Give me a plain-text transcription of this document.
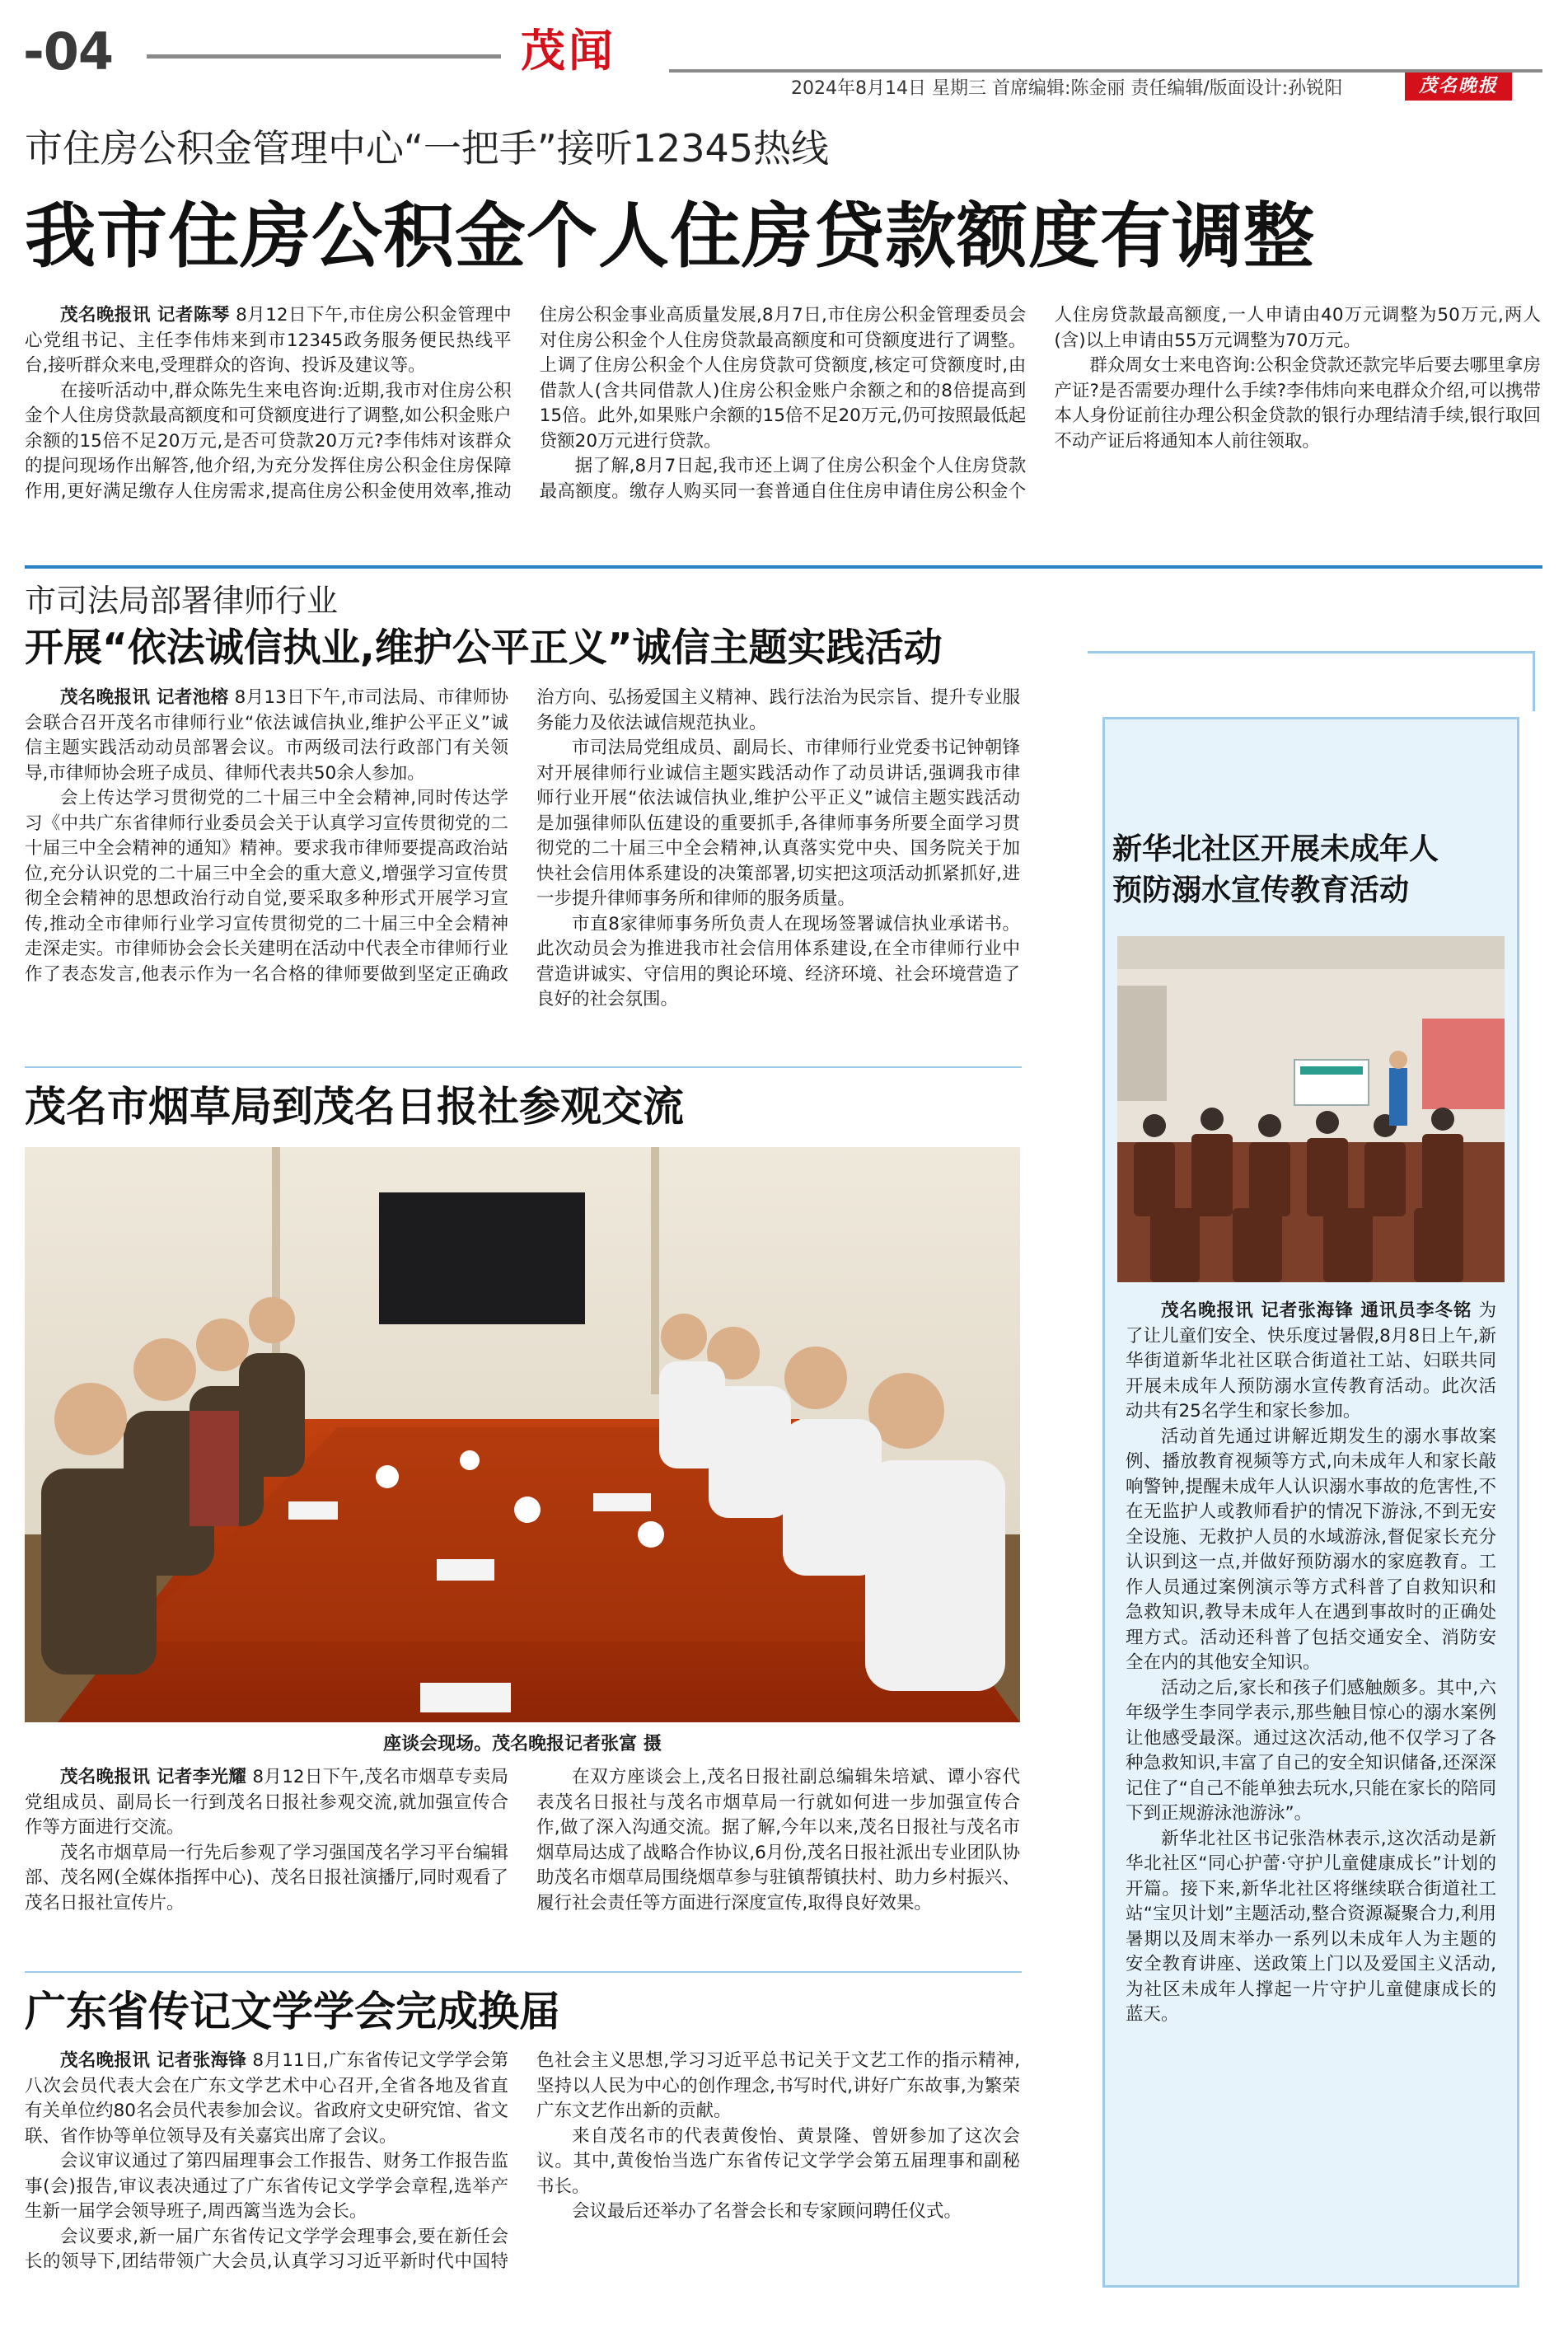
-04	茂闻
2024年8月14日 星期三 首席编辑:陈金丽 责任编辑/版面设计:孙锐阳	茂名晚报
市住房公积金管理中心“一把手”接听12345热线
我市住房公积金个人住房贷款额度有调整

茂名晚报讯 记者陈琴 8月12日下午,市住房公积金管理中心党组书记、主任李伟炜来到市12345政务服务便民热线平台,接听群众来电,受理群众的咨询、投诉及建议等。

在接听活动中,群众陈先生来电咨询:近期,我市对住房公积金个人住房贷款最高额度和可贷额度进行了调整,如公积金账户余额的15倍不足20万元,是否可贷款20万元?李伟炜对该群众的提问现场作出解答,他介绍,为充分发挥住房公积金住房保障作用,更好满足缴存人住房需求,提高住房公积金使用效率,推动住房公积金事业高质量发展,8月7日,市住房公积金管理委员会对住房公积金个人住房贷款最高额度和可贷额度进行了调整。上调了住房公积金个人住房贷款可贷额度,核定可贷额度时,由借款人(含共同借款人)住房公积金账户余额之和的8倍提高到15倍。此外,如果账户余额的15倍不足20万元,仍可按照最低起贷额20万元进行贷款。

据了解,8月7日起,我市还上调了住房公积金个人住房贷款最高额度。缴存人购买同一套普通自住住房申请住房公积金个人住房贷款最高额度,一人申请由40万元调整为50万元,两人(含)以上申请由55万元调整为70万元。

群众周女士来电咨询:公积金贷款还款完毕后要去哪里拿房产证?是否需要办理什么手续?李伟炜向来电群众介绍,可以携带本人身份证前往办理公积金贷款的银行办理结清手续,银行取回不动产证后将通知本人前往领取。

市司法局部署律师行业
开展“依法诚信执业,维护公平正义”诚信主题实践活动

茂名晚报讯 记者池榕 8月13日下午,市司法局、市律师协会联合召开茂名市律师行业“依法诚信执业,维护公平正义”诚信主题实践活动动员部署会议。市两级司法行政部门有关领导,市律师协会班子成员、律师代表共50余人参加。

会上传达学习贯彻党的二十届三中全会精神,同时传达学习《中共广东省律师行业委员会关于认真学习宣传贯彻党的二十届三中全会精神的通知》精神。要求我市律师要提高政治站位,充分认识党的二十届三中全会的重大意义,增强学习宣传贯彻全会精神的思想政治行动自觉,要采取多种形式开展学习宣传,推动全市律师行业学习宣传贯彻党的二十届三中全会精神走深走实。市律师协会会长关建明在活动中代表全市律师行业作了表态发言,他表示作为一名合格的律师要做到坚定正确政治方向、弘扬爱国主义精神、践行法治为民宗旨、提升专业服务能力及依法诚信规范执业。

市司法局党组成员、副局长、市律师行业党委书记钟朝锋对开展律师行业诚信主题实践活动作了动员讲话,强调我市律师行业开展“依法诚信执业,维护公平正义”诚信主题实践活动是加强律师队伍建设的重要抓手,各律师事务所要全面学习贯彻党的二十届三中全会精神,认真落实党中央、国务院关于加快社会信用体系建设的决策部署,切实把这项活动抓紧抓好,进一步提升律师事务所和律师的服务质量。

市直8家律师事务所负责人在现场签署诚信执业承诺书。此次动员会为推进我市社会信用体系建设,在全市律师行业中营造讲诚实、守信用的舆论环境、经济环境、社会环境营造了良好的社会氛围。

茂名市烟草局到茂名日报社参观交流
座谈会现场。茂名晚报记者张富 摄

茂名晚报讯 记者李光耀 8月12日下午,茂名市烟草专卖局党组成员、副局长一行到茂名日报社参观交流,就加强宣传合作等方面进行交流。

茂名市烟草局一行先后参观了学习强国茂名学习平台编辑部、茂名网(全媒体指挥中心)、茂名日报社演播厅,同时观看了茂名日报社宣传片。

在双方座谈会上,茂名日报社副总编辑朱培斌、谭小容代表茂名日报社与茂名市烟草局一行就如何进一步加强宣传合作,做了深入沟通交流。据了解,今年以来,茂名日报社与茂名市烟草局达成了战略合作协议,6月份,茂名日报社派出专业团队协助茂名市烟草局围绕烟草参与驻镇帮镇扶村、助力乡村振兴、履行社会责任等方面进行深度宣传,取得良好效果。

广东省传记文学学会完成换届

茂名晚报讯 记者张海锋 8月11日,广东省传记文学学会第八次会员代表大会在广东文学艺术中心召开,全省各地及省直有关单位约80名会员代表参加会议。省政府文史研究馆、省文联、省作协等单位领导及有关嘉宾出席了会议。

会议审议通过了第四届理事会工作报告、财务工作报告监事(会)报告,审议表决通过了广东省传记文学学会章程,选举产生新一届学会领导班子,周西篱当选为会长。

会议要求,新一届广东省传记文学学会理事会,要在新任会长的领导下,团结带领广大会员,认真学习习近平新时代中国特色社会主义思想,学习习近平总书记关于文艺工作的指示精神,坚持以人民为中心的创作理念,书写时代,讲好广东故事,为繁荣广东文艺作出新的贡献。

来自茂名市的代表黄俊怡、黄景隆、曾妍参加了这次会议。其中,黄俊怡当选广东省传记文学学会第五届理事和副秘书长。

会议最后还举办了名誉会长和专家顾问聘任仪式。

新华北社区开展未成年人
预防溺水宣传教育活动

茂名晚报讯 记者张海锋 通讯员李冬铭 为了让儿童们安全、快乐度过暑假,8月8日上午,新华街道新华北社区联合街道社工站、妇联共同开展未成年人预防溺水宣传教育活动。此次活动共有25名学生和家长参加。

活动首先通过讲解近期发生的溺水事故案例、播放教育视频等方式,向未成年人和家长敲响警钟,提醒未成年人认识溺水事故的危害性,不在无监护人或教师看护的情况下游泳,不到无安全设施、无救护人员的水域游泳,督促家长充分认识到这一点,并做好预防溺水的家庭教育。工作人员通过案例演示等方式科普了自救知识和急救知识,教导未成年人在遇到事故时的正确处理方式。活动还科普了包括交通安全、消防安全在内的其他安全知识。

活动之后,家长和孩子们感触颇多。其中,六年级学生李同学表示,那些触目惊心的溺水案例让他感受最深。通过这次活动,他不仅学习了各种急救知识,丰富了自己的安全知识储备,还深深记住了“自己不能单独去玩水,只能在家长的陪同下到正规游泳池游泳”。

新华北社区书记张浩林表示,这次活动是新华北社区“同心护蕾·守护儿童健康成长”计划的开篇。接下来,新华北社区将继续联合街道社工站“宝贝计划”主题活动,整合资源凝聚合力,利用暑期以及周末举办一系列以未成年人为主题的安全教育讲座、送政策上门以及爱国主义活动,为社区未成年人撑起一片守护儿童健康成长的蓝天。
